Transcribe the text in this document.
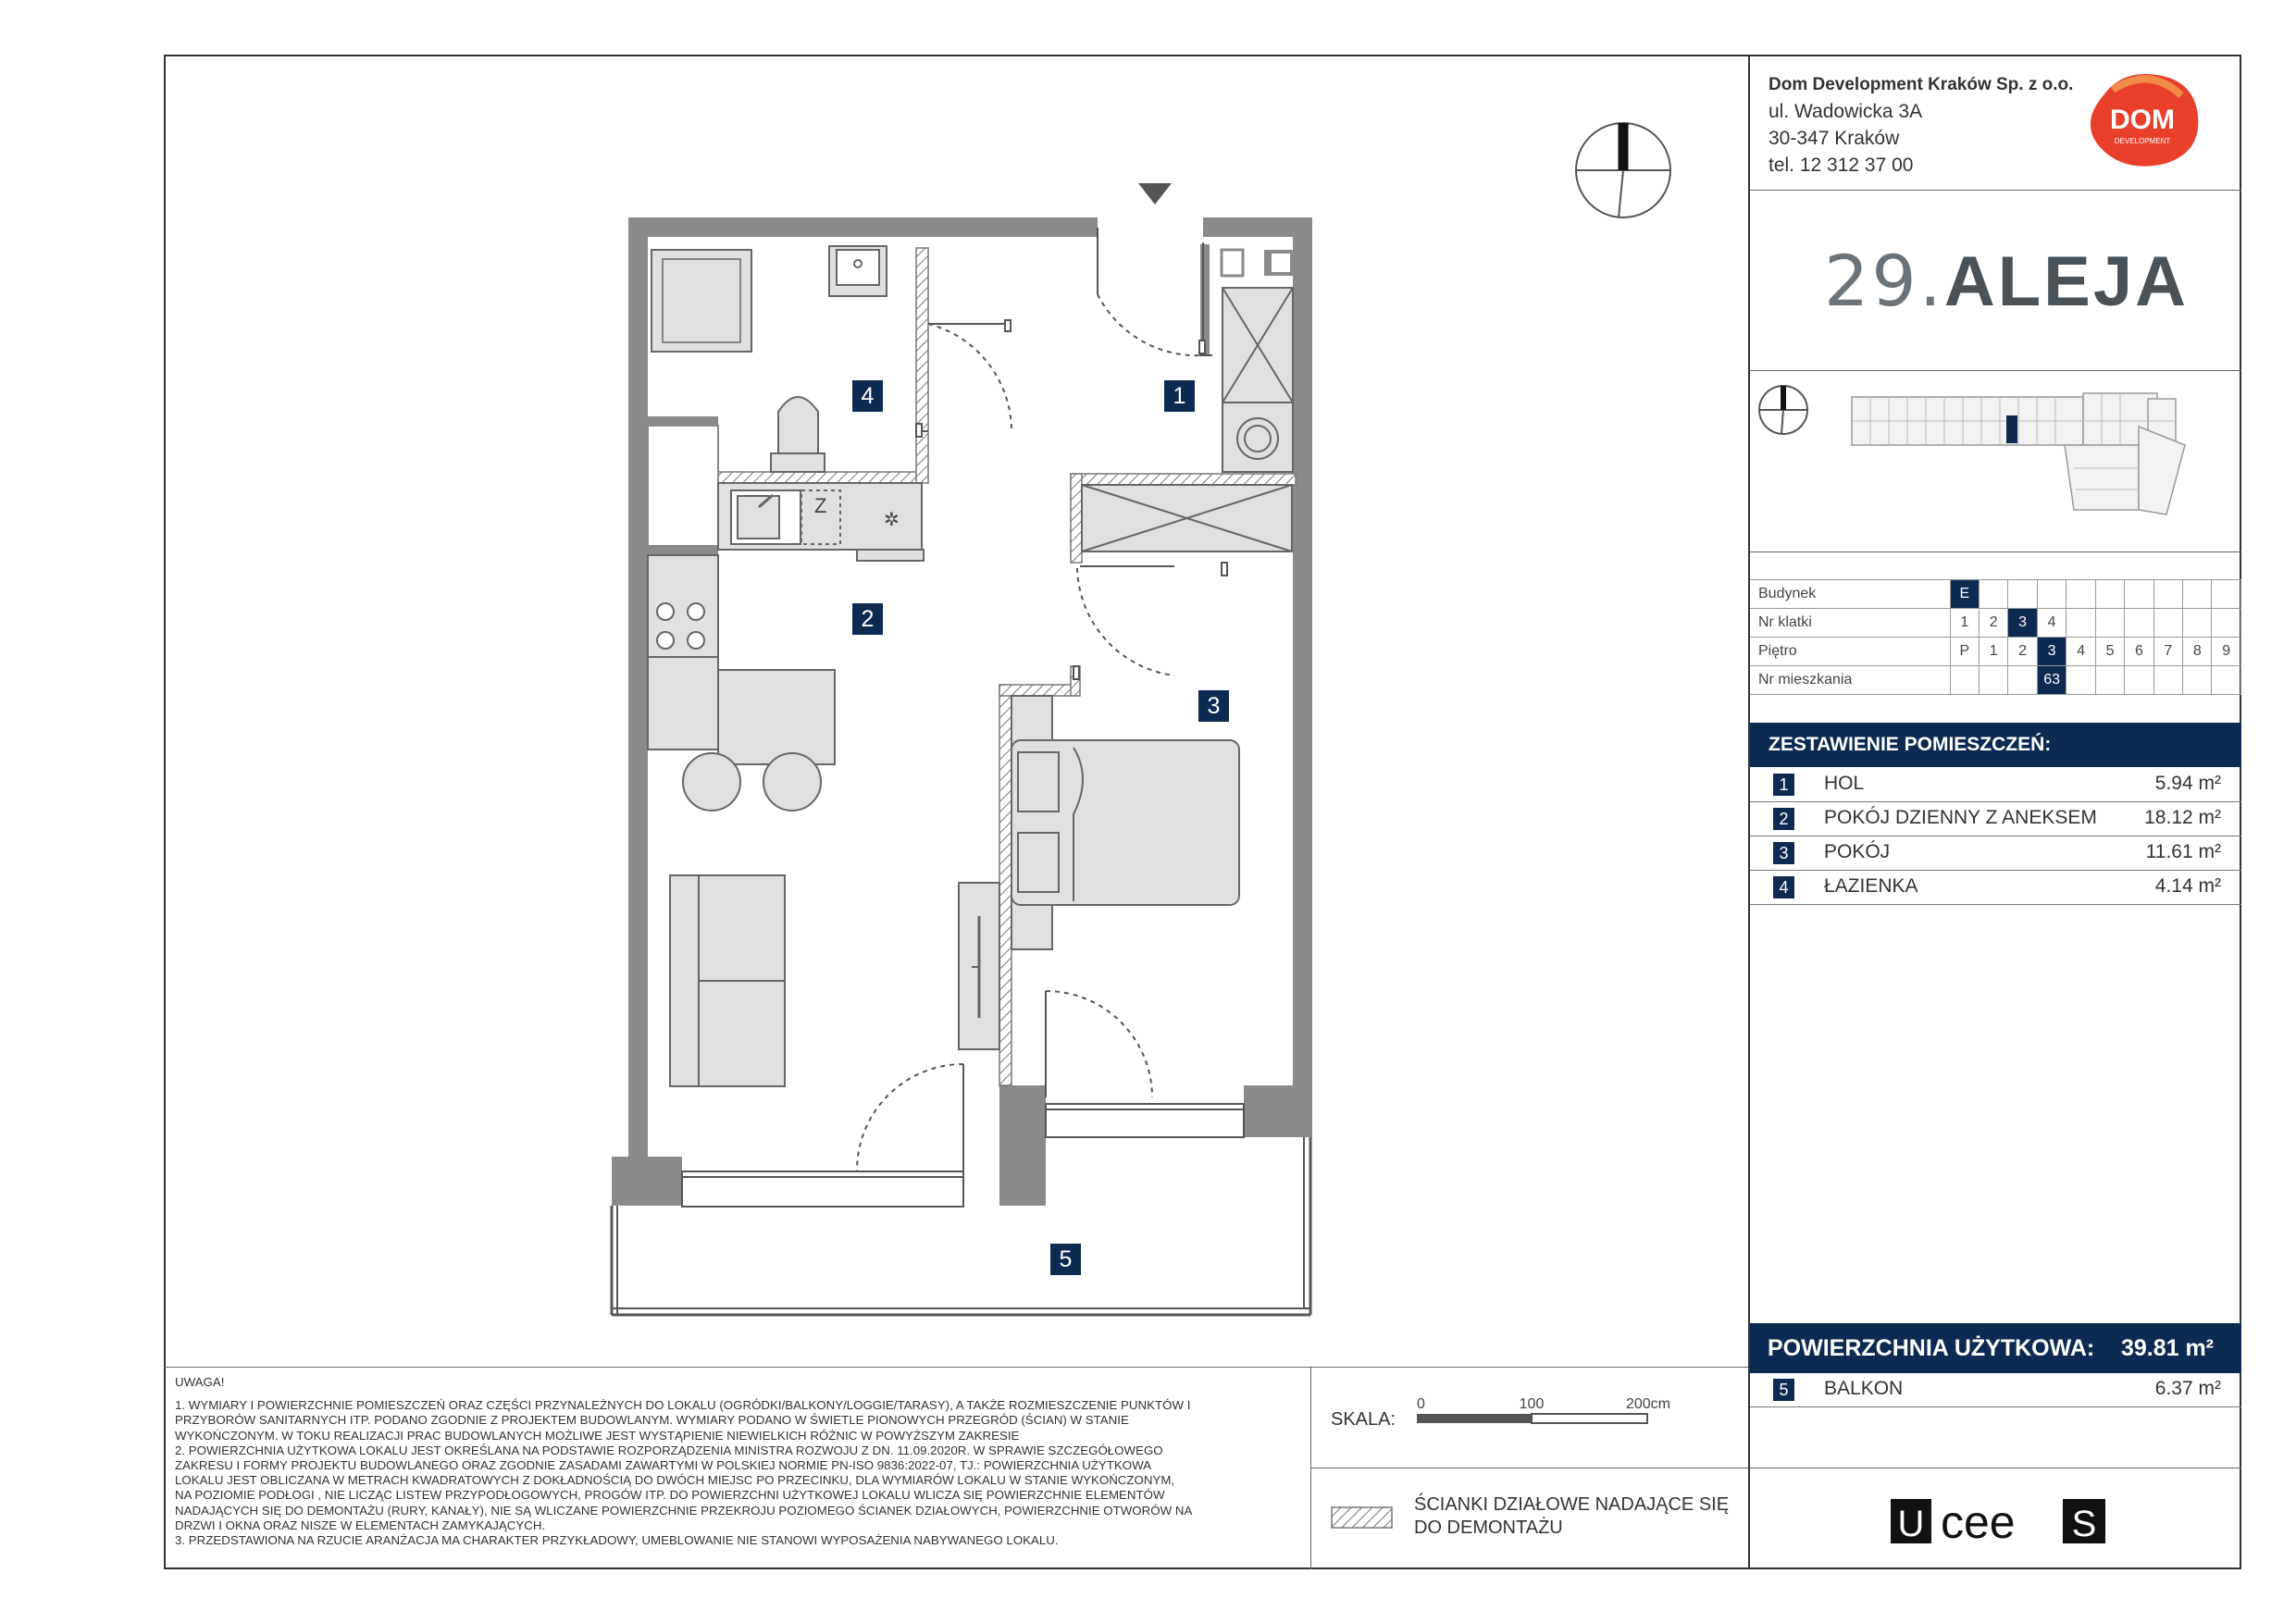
Z
✲
1
2
3
4
5
UWAGA!
1. WYMIARY I POWIERZCHNIE POMIESZCZEŃ ORAZ CZĘŚCI PRZYNALEŻNYCH DO LOKALU (OGRÓDKI/BALKONY/LOGGIE/TARASY), A TAKŻE ROZMIESZCZENIE PUNKTÓW I
PRZYBORÓW SANITARNYCH ITP. PODANO ZGODNIE Z PROJEKTEM BUDOWLANYM. WYMIARY PODANO W ŚWIETLE PIONOWYCH PRZEGRÓD (ŚCIAN) W STANIE
WYKOŃCZONYM. W TOKU REALIZACJI PRAC BUDOWLANYCH MOŻLIWE JEST WYSTĄPIENIE NIEWIELKICH RÓŻNIC W POWYŻSZYM ZAKRESIE
2. POWIERZCHNIA UŻYTKOWA LOKALU JEST OKREŚLANA NA PODSTAWIE ROZPORZĄDZENIA MINISTRA ROZWOJU Z DN. 11.09.2020R. W SPRAWIE SZCZEGÓŁOWEGO
ZAKRESU I FORMY PROJEKTU BUDOWLANEGO ORAZ ZGODNIE ZASADAMI ZAWARTYMI W POLSKIEJ NORMIE PN-ISO 9836:2022-07, TJ.: POWIERZCHNIA UŻYTKOWA
LOKALU JEST OBLICZANA W METRACH KWADRATOWYCH Z DOKŁADNOŚCIĄ DO DWÓCH MIEJSC PO PRZECINKU, DLA WYMIARÓW LOKALU W STANIE WYKOŃCZONYM,
NA POZIOMIE PODŁOGI , NIE LICZĄC LISTEW PRZYPODŁOGOWYCH, PROGÓW ITP. DO POWIERZCHNI UŻYTKOWEJ LOKALU WLICZA SIĘ POWIERZCHNIE ELEMENTÓW
NADAJĄCYCH SIĘ DO DEMONTAŻU (RURY, KANAŁY), NIE SĄ WLICZANE POWIERZCHNIE PRZEKROJU POZIOMEGO ŚCIANEK DZIAŁOWYCH, POWIERZCHNIE OTWORÓW NA
DRZWI I OKNA ORAZ NISZE W ELEMENTACH ZAMYKAJĄCYCH.
3. PRZEDSTAWIONA NA RZUCIE ARANŻACJA MA CHARAKTER PRZYKŁADOWY, UMEBLOWANIE NIE STANOWI WYPOSAŻENIA NABYWANEGO LOKALU.
SKALA:
0	100	200cm
ŚCIANKI DZIAŁOWE NADAJĄCE SIĘ
DO DEMONTAŻU
Dom Development Kraków Sp. z o.o.
ul. Wadowicka 3A
30-347 Kraków
tel. 12 312 37 00
DOM
DEVELOPMENT
29.ALEJA
Budynek	E									
Nr klatki	1	2	3	4						
Piętro	P	1	2	3	4	5	6	7	8	9
Nr mieszkania				63						
ZESTAWIENIE POMIESZCZEŃ:
1	HOL	5.94 m²
2	POKÓJ DZIENNY Z ANEKSEM 18.12 m²
3	POKÓJ	11.61 m²
4	ŁAZIENKA	4.14 m²
POWIERZCHNIA UŻYTKOWA: 39.81 m²
5	BALKON	6.37 m²
U cee S
